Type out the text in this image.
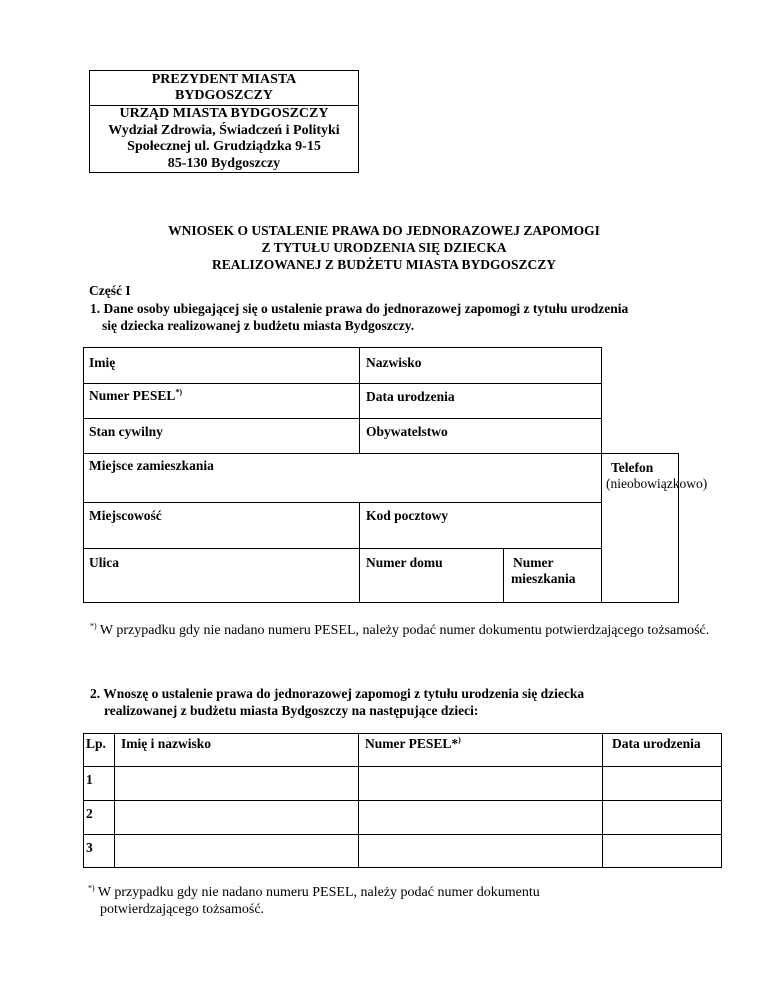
PREZYDENT MIASTA
BYDGOSZCZY
URZĄD MIASTA BYDGOSZCZY
Wydział Zdrowia, Świadczeń i Polityki
Społecznej ul. Grudziądzka 9-15
85-130 Bydgoszczy
WNIOSEK O USTALENIE PRAWA DO JEDNORAZOWEJ ZAPOMOGI
Z TYTUŁU URODZENIA SIĘ DZIECKA
REALIZOWANEJ Z BUDŻETU MIASTA BYDGOSZCZY
Część I
1. Dane osoby ubiegającej się o ustalenie prawa do jednorazowej zapomogi z tytułu urodzenia
się dziecka realizowanej z budżetu miasta Bydgoszczy.
Imię	Nazwisko
Numer PESEL*)	Data urodzenia
Stan cywilny	Obywatelstwo
Miejsce zamieszkania	Telefon
(nieobowiązkowo)
Miejscowość	Kod pocztowy
Ulica	Numer domu	Numer
mieszkania
*) W przypadku gdy nie nadano numeru PESEL, należy podać numer dokumentu potwierdzającego tożsamość.
2. Wnoszę o ustalenie prawa do jednorazowej zapomogi z tytułu urodzenia się dziecka
realizowanej z budżetu miasta Bydgoszczy na następujące dzieci:
Lp. Imię i nazwisko	Numer PESEL*)	Data urodzenia
1
2
3
*) W przypadku gdy nie nadano numeru PESEL, należy podać numer dokumentu
potwierdzającego tożsamość.
